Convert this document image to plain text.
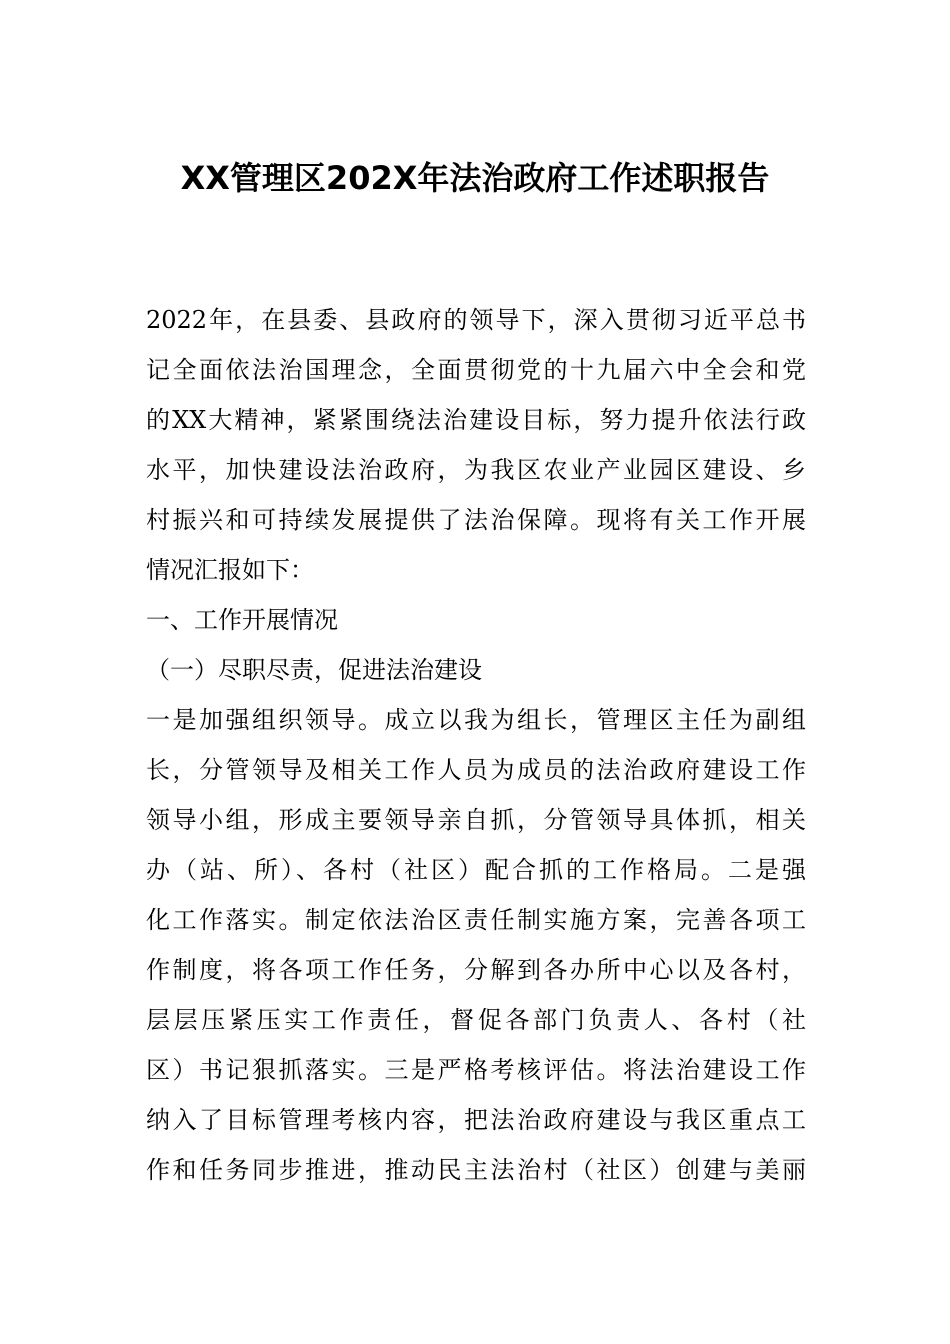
XX管理区202X年法治政府工作述职报告
2022年，在县委、县政府的领导下，深入贯彻习近平总书
记全面依法治国理念，全面贯彻党的十九届六中全会和党
的XX大精神，紧紧围绕法治建设目标，努力提升依法行政
水平，加快建设法治政府，为我区农业产业园区建设、乡
村振兴和可持续发展提供了法治保障。现将有关工作开展
情况汇报如下：
一、工作开展情况
（一）尽职尽责，促进法治建设
一是加强组织领导。成立以我为组长，管理区主任为副组
长，分管领导及相关工作人员为成员的法治政府建设工作
领导小组，形成主要领导亲自抓，分管领导具体抓，相关
办（站、所）、各村（社区）配合抓的工作格局。二是强
化工作落实。制定依法治区责任制实施方案，完善各项工
作制度，将各项工作任务，分解到各办所中心以及各村，
层层压紧压实工作责任，督促各部门负责人、各村（社
区）书记狠抓落实。三是严格考核评估。将法治建设工作
纳入了目标管理考核内容，把法治政府建设与我区重点工
作和任务同步推进，推动民主法治村（社区）创建与美丽
